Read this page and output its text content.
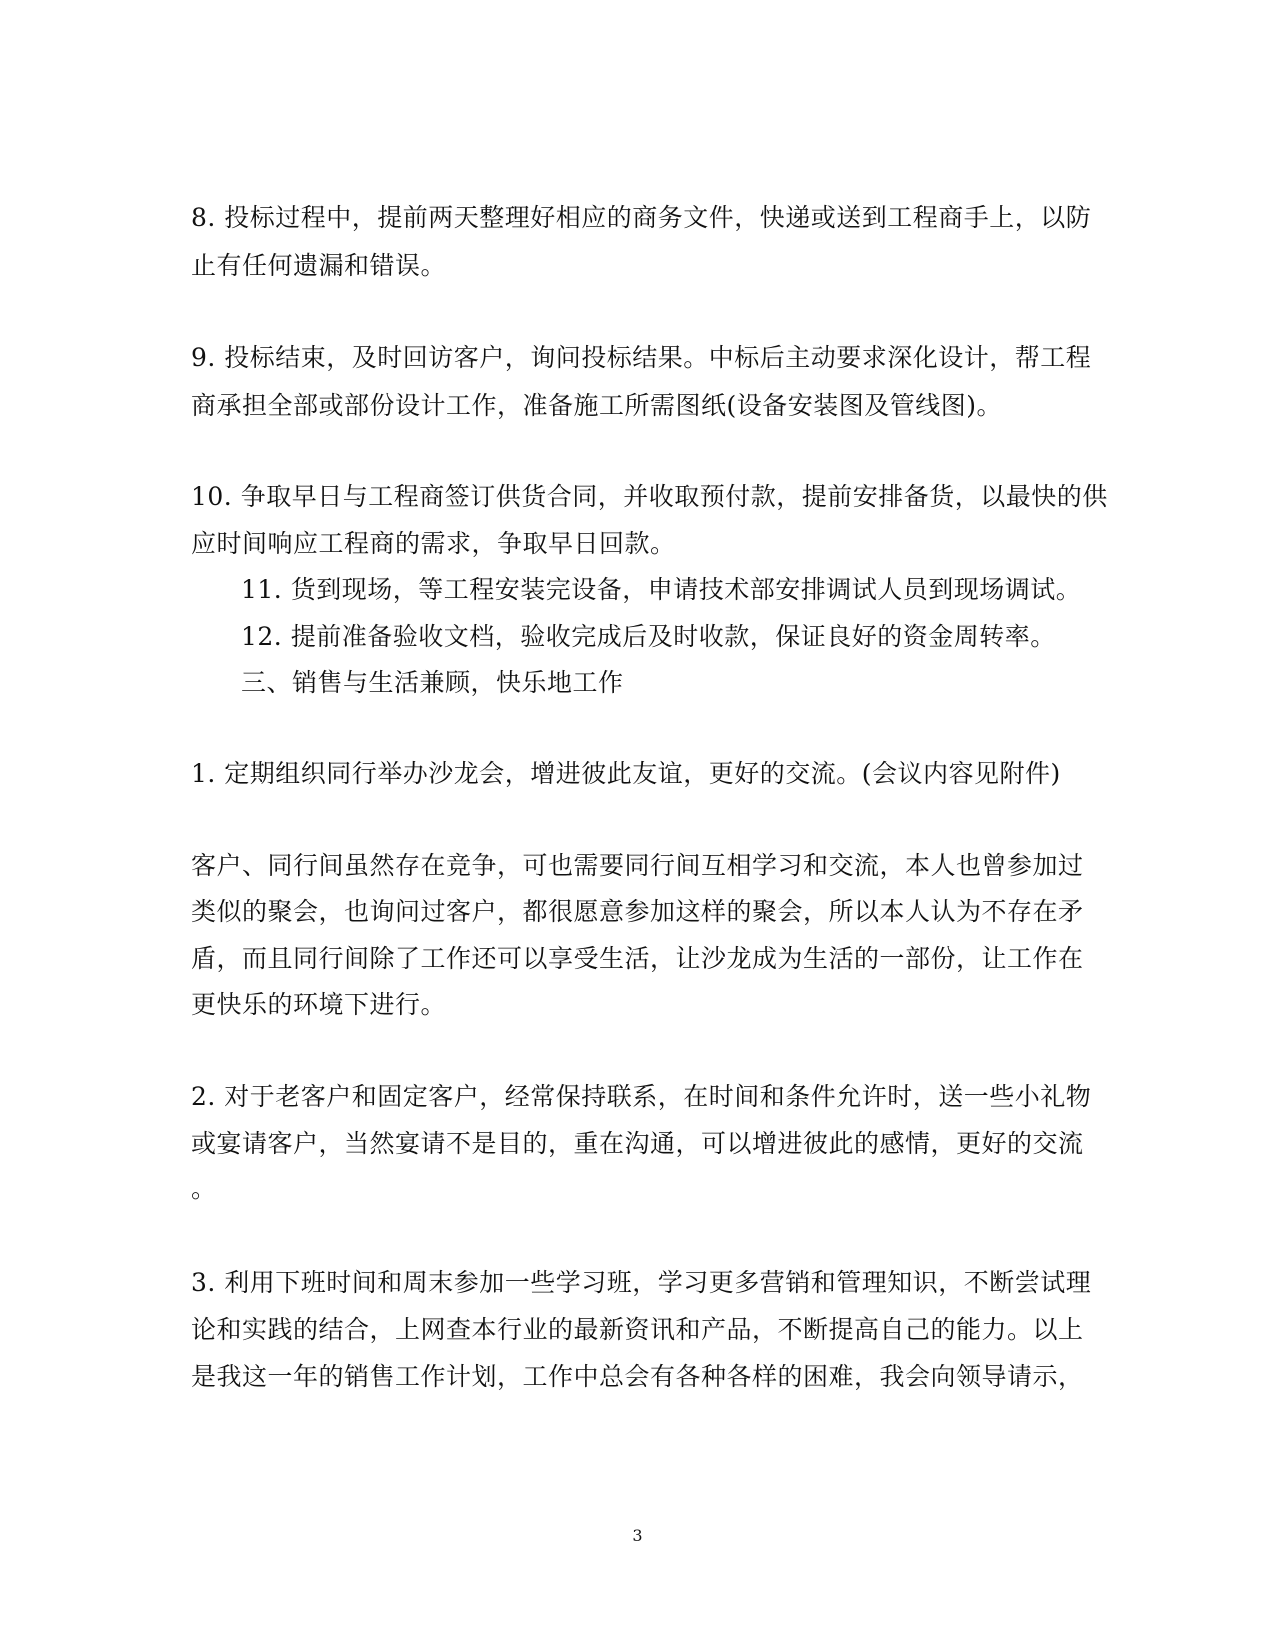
8. 投标过程中，提前两天整理好相应的商务文件，快递或送到工程商手上，以防
止有任何遗漏和错误。
9. 投标结束，及时回访客户，询问投标结果。中标后主动要求深化设计，帮工程
商承担全部或部份设计工作，准备施工所需图纸(设备安装图及管线图)。
10. 争取早日与工程商签订供货合同，并收取预付款，提前安排备货，以最快的供
应时间响应工程商的需求，争取早日回款。
11. 货到现场，等工程安装完设备，申请技术部安排调试人员到现场调试。
12. 提前准备验收文档，验收完成后及时收款，保证良好的资金周转率。
三、销售与生活兼顾，快乐地工作
1. 定期组织同行举办沙龙会，增进彼此友谊，更好的交流。(会议内容见附件)
客户、同行间虽然存在竞争，可也需要同行间互相学习和交流，本人也曾参加过
类似的聚会，也询问过客户，都很愿意参加这样的聚会，所以本人认为不存在矛
盾，而且同行间除了工作还可以享受生活，让沙龙成为生活的一部份，让工作在
更快乐的环境下进行。
2. 对于老客户和固定客户，经常保持联系，在时间和条件允许时，送一些小礼物
或宴请客户，当然宴请不是目的，重在沟通，可以增进彼此的感情，更好的交流
。
3. 利用下班时间和周末参加一些学习班，学习更多营销和管理知识，不断尝试理
论和实践的结合，上网查本行业的最新资讯和产品，不断提高自己的能力。以上
是我这一年的销售工作计划，工作中总会有各种各样的困难，我会向领导请示，
3
